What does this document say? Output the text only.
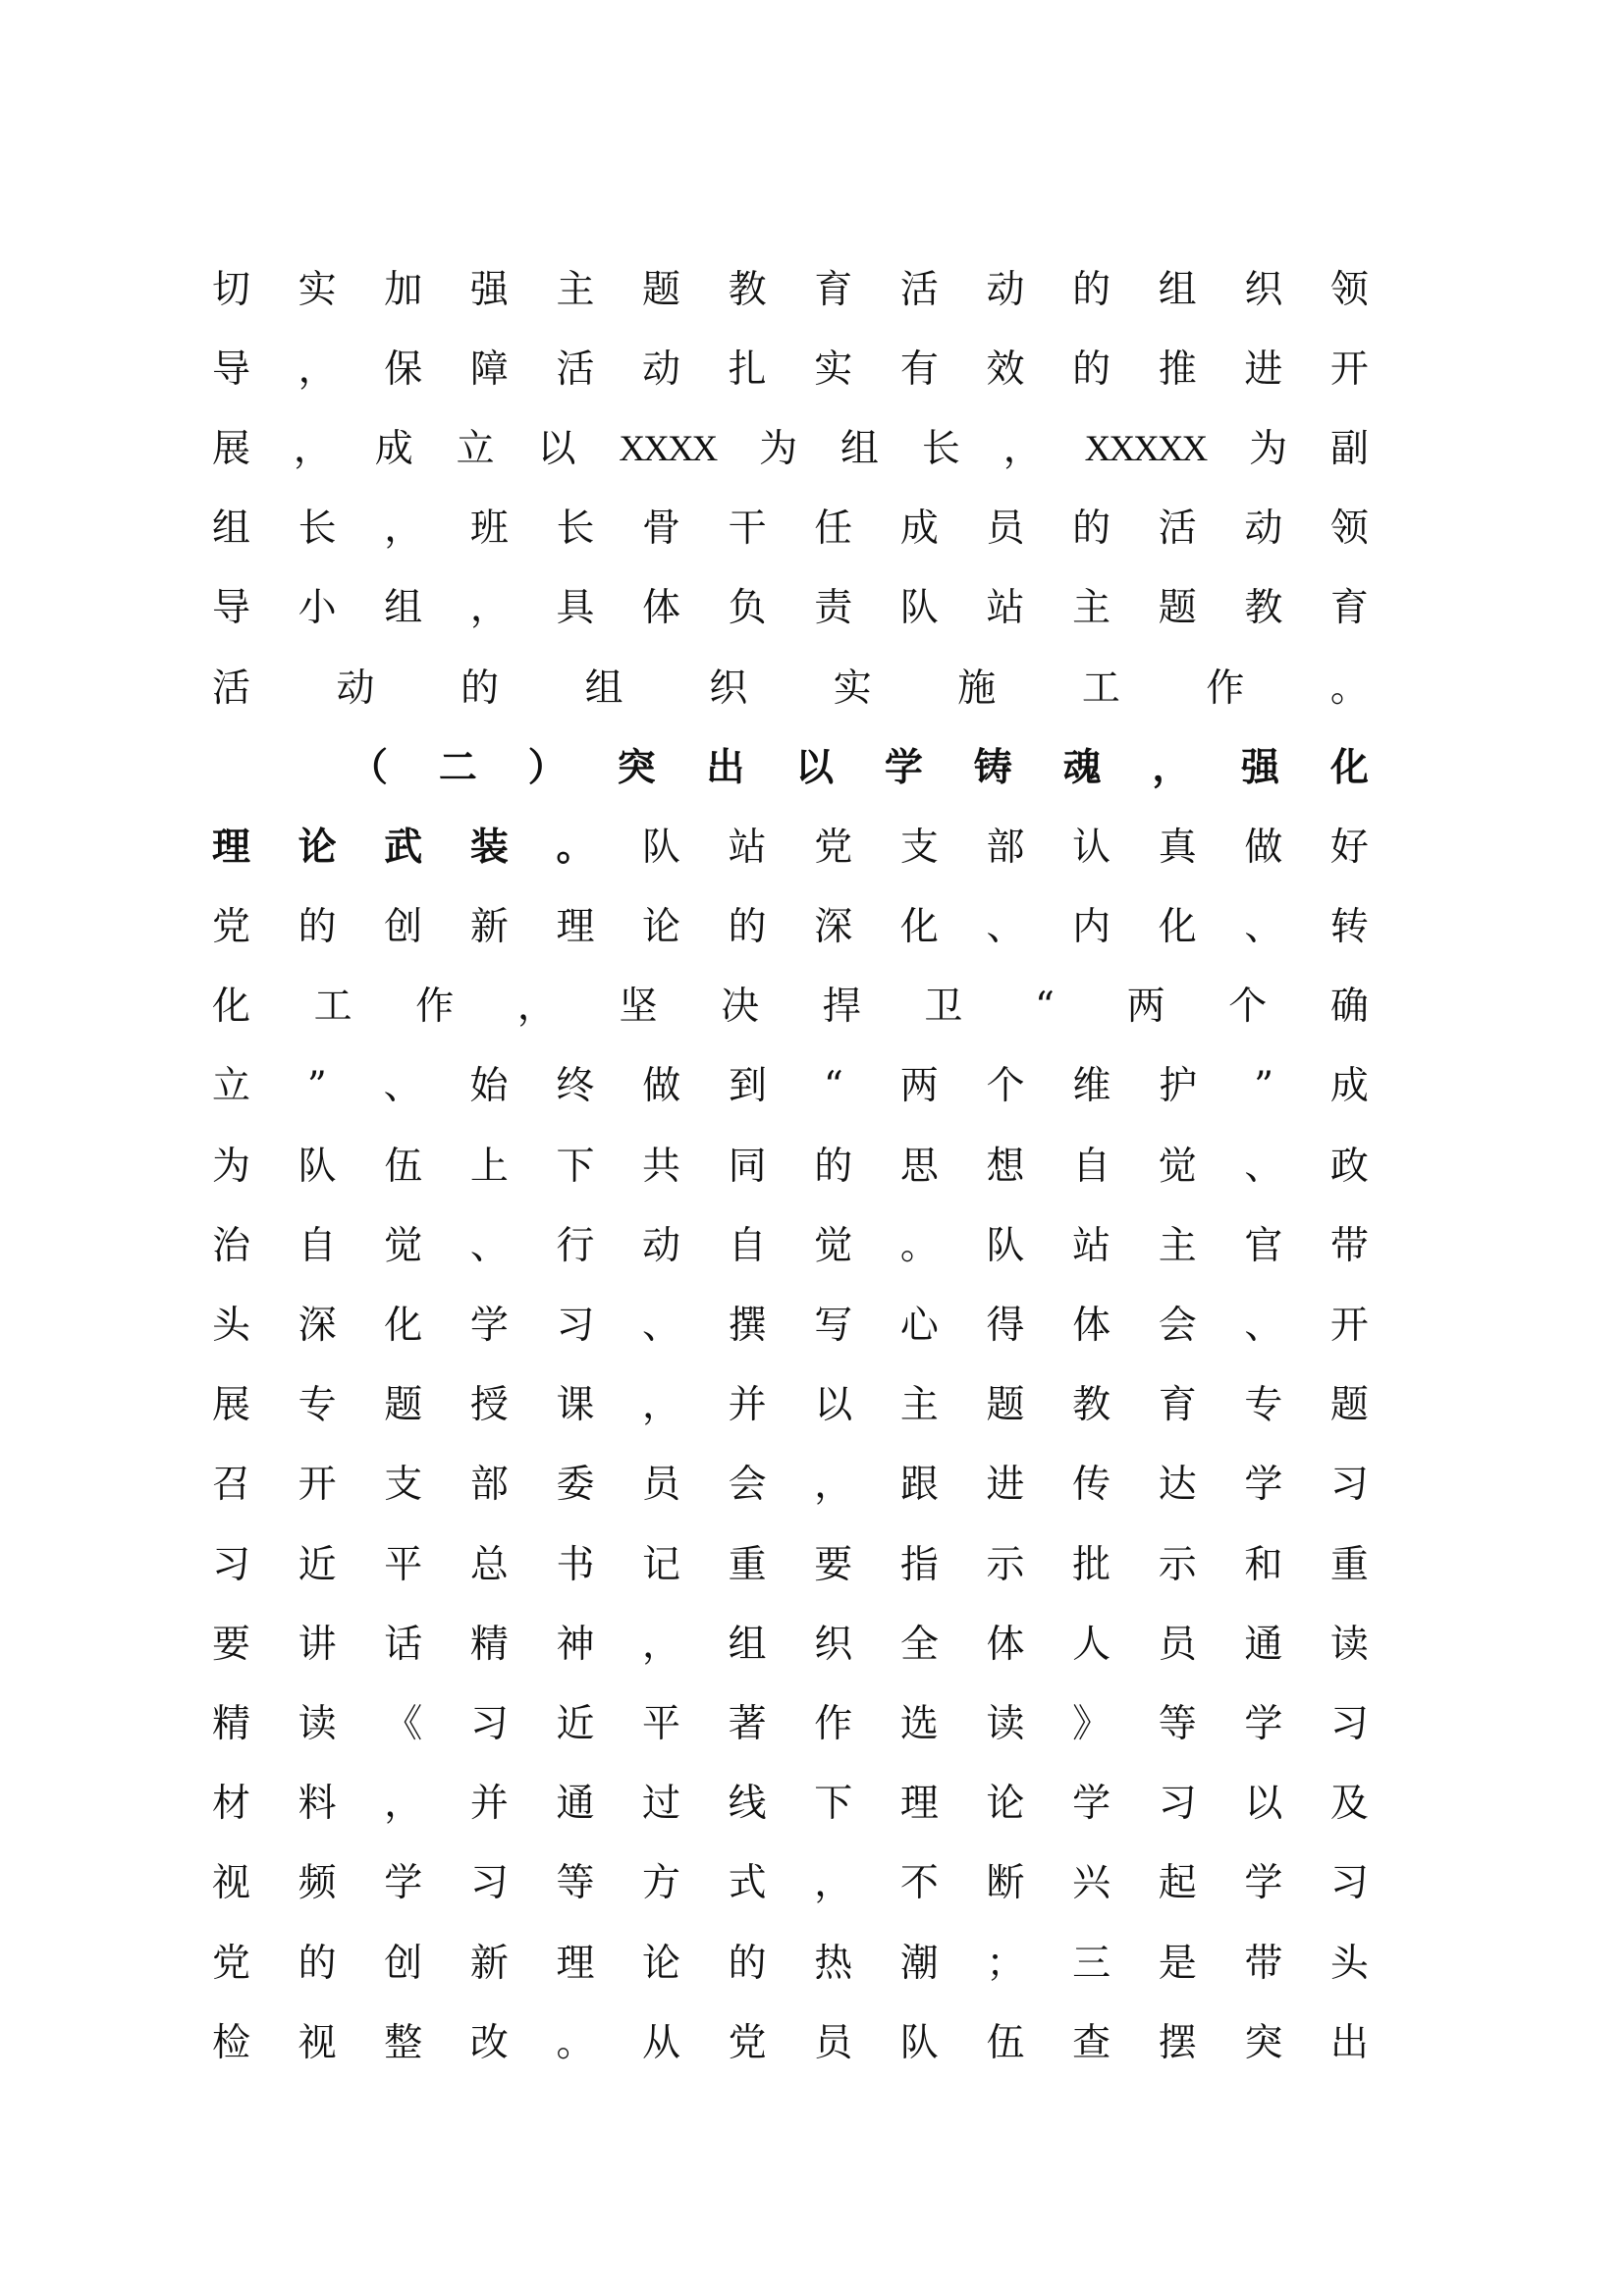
切 实 加 强 主 题 教 育 活 动 的 组 织 领
导 ， 保 障 活 动 扎 实 有 效 的 推 进 开
展 ， 成 立 以 XXXX 为 组 长 ， XXXXX 为 副
组 长 ， 班 长 骨 干 任 成 员 的 活 动 领
导 小 组 ， 具 体 负 责 队 站 主 题 教 育
活 动 的 组 织 实 施 工 作 。
（ 二 ） 突 出 以 学 铸 魂 ， 强 化
理 论 武 装 。 队 站 党 支 部 认 真 做 好
党 的 创 新 理 论 的 深 化 、 内 化 、 转
化 工 作 ， 坚 决 捍 卫 “ 两 个 确
立 ” 、 始 终 做 到 “ 两 个 维 护 ” 成
为 队 伍 上 下 共 同 的 思 想 自 觉 、 政
治 自 觉 、 行 动 自 觉 。 队 站 主 官 带
头 深 化 学 习 、 撰 写 心 得 体 会 、 开
展 专 题 授 课 ， 并 以 主 题 教 育 专 题
召 开 支 部 委 员 会 ， 跟 进 传 达 学 习
习 近 平 总 书 记 重 要 指 示 批 示 和 重
要 讲 话 精 神 ， 组 织 全 体 人 员 通 读
精 读 《 习 近 平 著 作 选 读 》 等 学 习
材 料 ， 并 通 过 线 下 理 论 学 习 以 及
视 频 学 习 等 方 式 ， 不 断 兴 起 学 习
党 的 创 新 理 论 的 热 潮 ； 三 是 带 头
检 视 整 改 。 从 党 员 队 伍 查 摆 突 出
